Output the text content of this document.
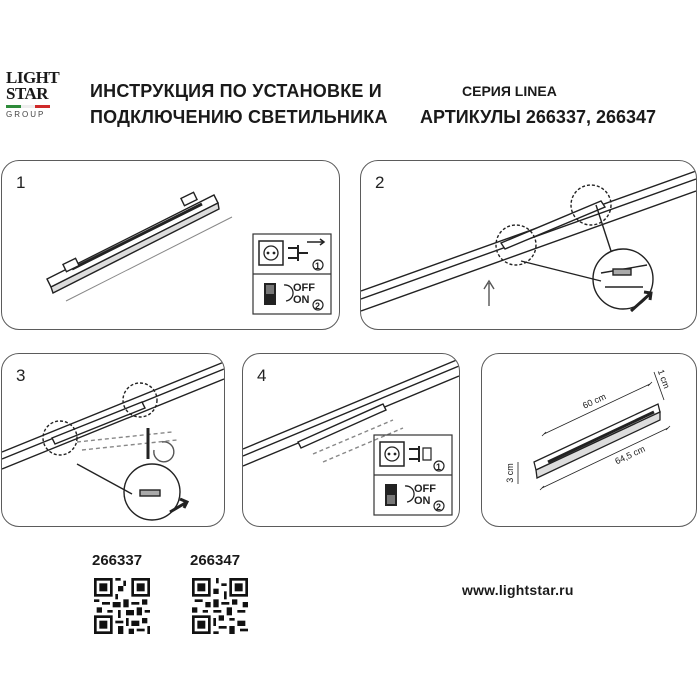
LIGHT
STAR
GROUP
ИНСТРУКЦИЯ ПО УСТАНОВКЕ И
ПОДКЛЮЧЕНИЮ СВЕТИЛЬНИКА
СЕРИЯ LINEA
АРТИКУЛЫ 266337, 266347
1
1
OFF
ON 2
2
3	4
1
OFF
ON 2
60 cm
64,5 cm
1 cm
3 cm
266337	266347
www.lightstar.ru
